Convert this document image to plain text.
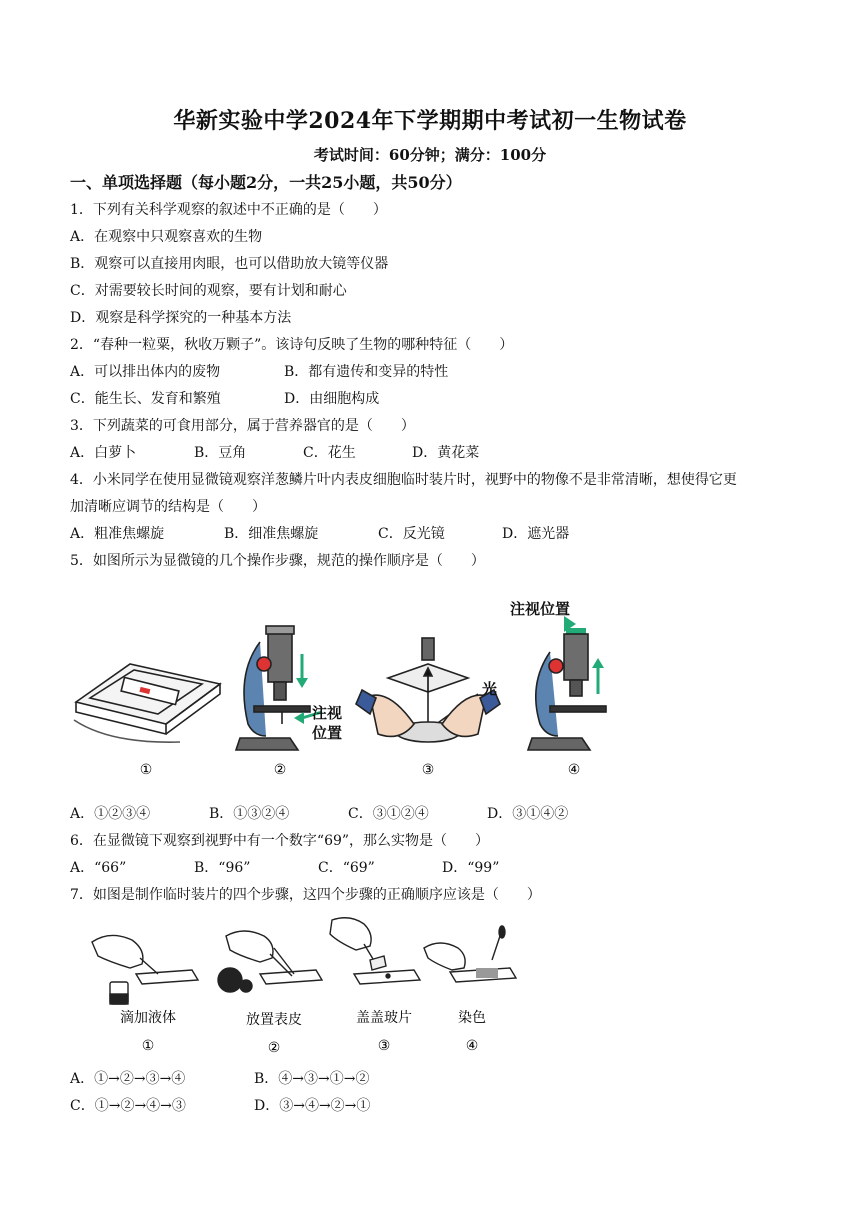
华新实验中学2024年下学期期中考试初一生物试卷
考试时间：60分钟；满分：100分
一、单项选择题（每小题2分，一共25小题，共50分）
1．下列有关科学观察的叙述中不正确的是（　　）
A．在观察中只观察喜欢的生物
B．观察可以直接用肉眼，也可以借助放大镜等仪器
C．对需要较长时间的观察，要有计划和耐心
D．观察是科学探究的一种基本方法
2．“春种一粒粟，秋收万颗子”。该诗句反映了生物的哪种特征（　　）
A．可以排出体内的废物	B．都有遗传和变异的特性
C．能生长、发育和繁殖	D．由细胞构成
3．下列蔬菜的可食用部分，属于营养器官的是（　　）
A．白萝卜	B．豆角	C．花生	D．黄花菜
4．小米同学在使用显微镜观察洋葱鳞片叶内表皮细胞临时装片时，视野中的物像不是非常清晰，想使得它更
加清晰应调节的结构是（　　）
A．粗准焦螺旋	B．细准焦螺旋	C．反光镜	D．遮光器
5．如图所示为显微镜的几个操作步骤，规范的操作顺序是（　　）
注视
位置
光
注视位置
①	②	③	④
A．①②③④	B．①③②④	C．③①②④	D．③①④②
6．在显微镜下观察到视野中有一个数字“69”，那么实物是（　　）
A．“66”	B．“96”	C．“69”	D．“99”
7．如图是制作临时装片的四个步骤，这四个步骤的正确顺序应该是（　　）
滴加液体	放置表皮	盖盖玻片	染色
①	②	③	④
A．①→②→③→④	B．④→③→①→②
C．①→②→④→③	D．③→④→②→①
